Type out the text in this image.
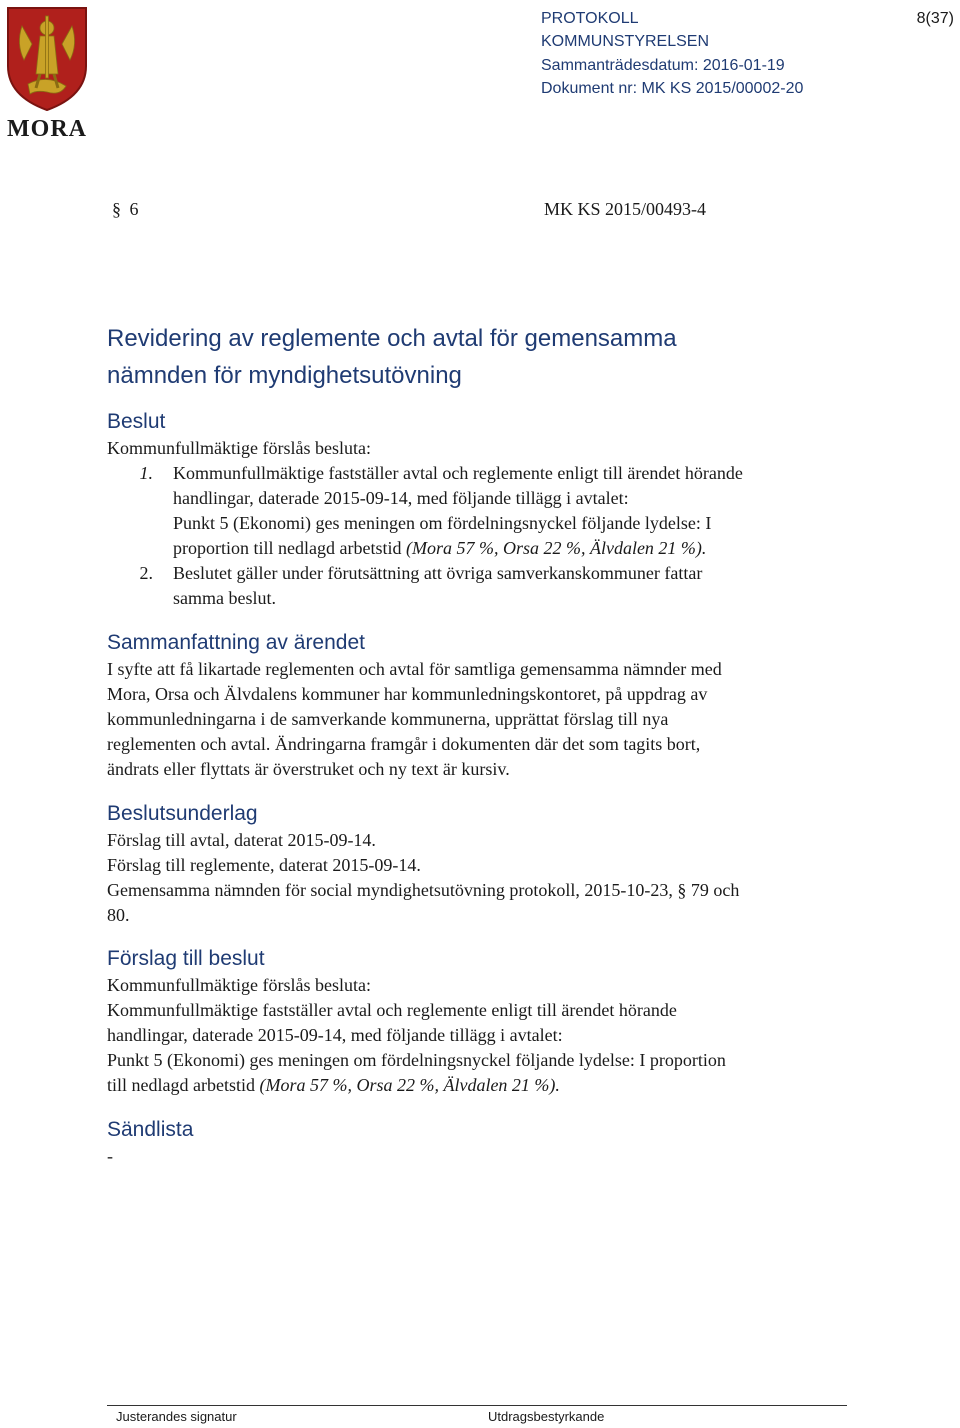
MORA
PROTOKOLL
KOMMUNSTYRELSEN
Sammanträdesdatum: 2016-01-19
Dokument nr: MK KS 2015/00002-20
8(37)
§ 6	MK KS 2015/00493-4
Revidering av reglemente och avtal för gemensamma
nämnden för myndighetsutövning
Beslut
Kommunfullmäktige förslås besluta:
1. Kommunfullmäktige fastställer avtal och reglemente enligt till ärendet hörande
handlingar, daterade 2015-09-14, med följande tillägg i avtalet:
Punkt 5 (Ekonomi) ges meningen om fördelningsnyckel följande lydelse: I
proportion till nedlagd arbetstid (Mora 57 %, Orsa 22 %, Älvdalen 21 %).
2. Beslutet gäller under förutsättning att övriga samverkanskommuner fattar
samma beslut.
Sammanfattning av ärendet
I syfte att få likartade reglementen och avtal för samtliga gemensamma nämnder med
Mora, Orsa och Älvdalens kommuner har kommunledningskontoret, på uppdrag av
kommunledningarna i de samverkande kommunerna, upprättat förslag till nya
reglementen och avtal. Ändringarna framgår i dokumenten där det som tagits bort,
ändrats eller flyttats är överstruket och ny text är kursiv.
Beslutsunderlag
Förslag till avtal, daterat 2015-09-14.
Förslag till reglemente, daterat 2015-09-14.
Gemensamma nämnden för social myndighetsutövning protokoll, 2015-10-23, § 79 och
80.
Förslag till beslut
Kommunfullmäktige förslås besluta:
Kommunfullmäktige fastställer avtal och reglemente enligt till ärendet hörande
handlingar, daterade 2015-09-14, med följande tillägg i avtalet:
Punkt 5 (Ekonomi) ges meningen om fördelningsnyckel följande lydelse: I proportion
till nedlagd arbetstid (Mora 57 %, Orsa 22 %, Älvdalen 21 %).
Sändlista
-
Justerandes signatur	Utdragsbestyrkande
